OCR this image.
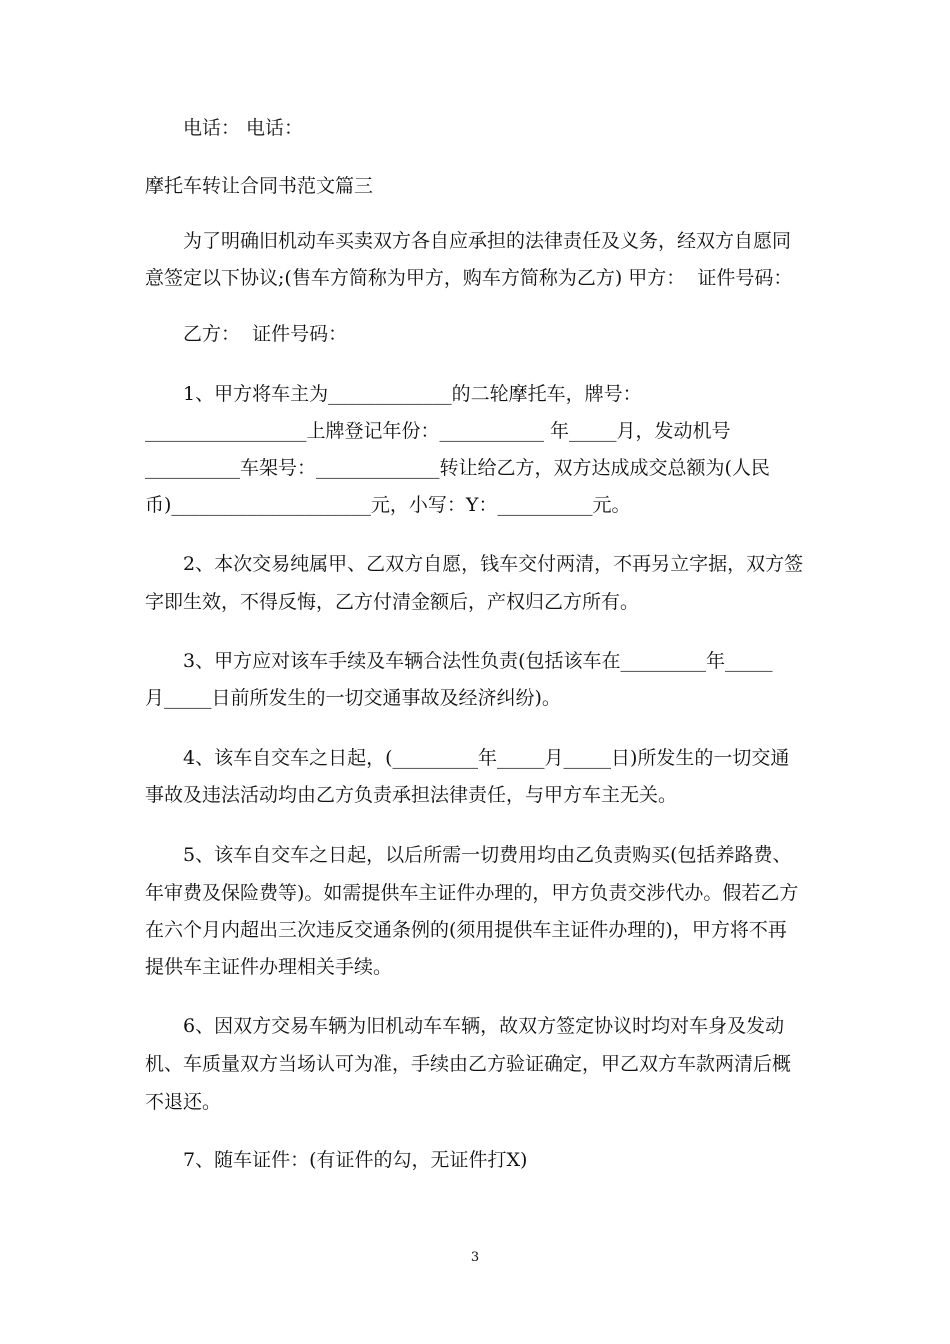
电话： 电话：
摩托车转让合同书范文篇三
为了明确旧机动车买卖双方各自应承担的法律责任及义务，经双方自愿同
意签定以下协议;(售车方简称为甲方，购车方简称为乙方) 甲方：  证件号码：
乙方：  证件号码：
1、甲方将车主为_____________的二轮摩托车，牌号：
_________________上牌登记年份：___________ 年_____月，发动机号
__________车架号：_____________转让给乙方，双方达成成交总额为(人民
币)_____________________元，小写：Y：__________元。
2、本次交易纯属甲、乙双方自愿，钱车交付两清，不再另立字据，双方签
字即生效，不得反悔，乙方付清金额后，产权归乙方所有。
3、甲方应对该车手续及车辆合法性负责(包括该车在_________年_____
月_____日前所发生的一切交通事故及经济纠纷)。
4、该车自交车之日起，(_________年_____月_____日)所发生的一切交通
事故及违法活动均由乙方负责承担法律责任，与甲方车主无关。
5、该车自交车之日起，以后所需一切费用均由乙负责购买(包括养路费、
年审费及保险费等)。如需提供车主证件办理的，甲方负责交涉代办。假若乙方
在六个月内超出三次违反交通条例的(须用提供车主证件办理的)，甲方将不再
提供车主证件办理相关手续。
6、因双方交易车辆为旧机动车车辆，故双方签定协议时均对车身及发动
机、车质量双方当场认可为准，手续由乙方验证确定，甲乙双方车款两清后概
不退还。
7、随车证件：(有证件的勾，无证件打X)
3
